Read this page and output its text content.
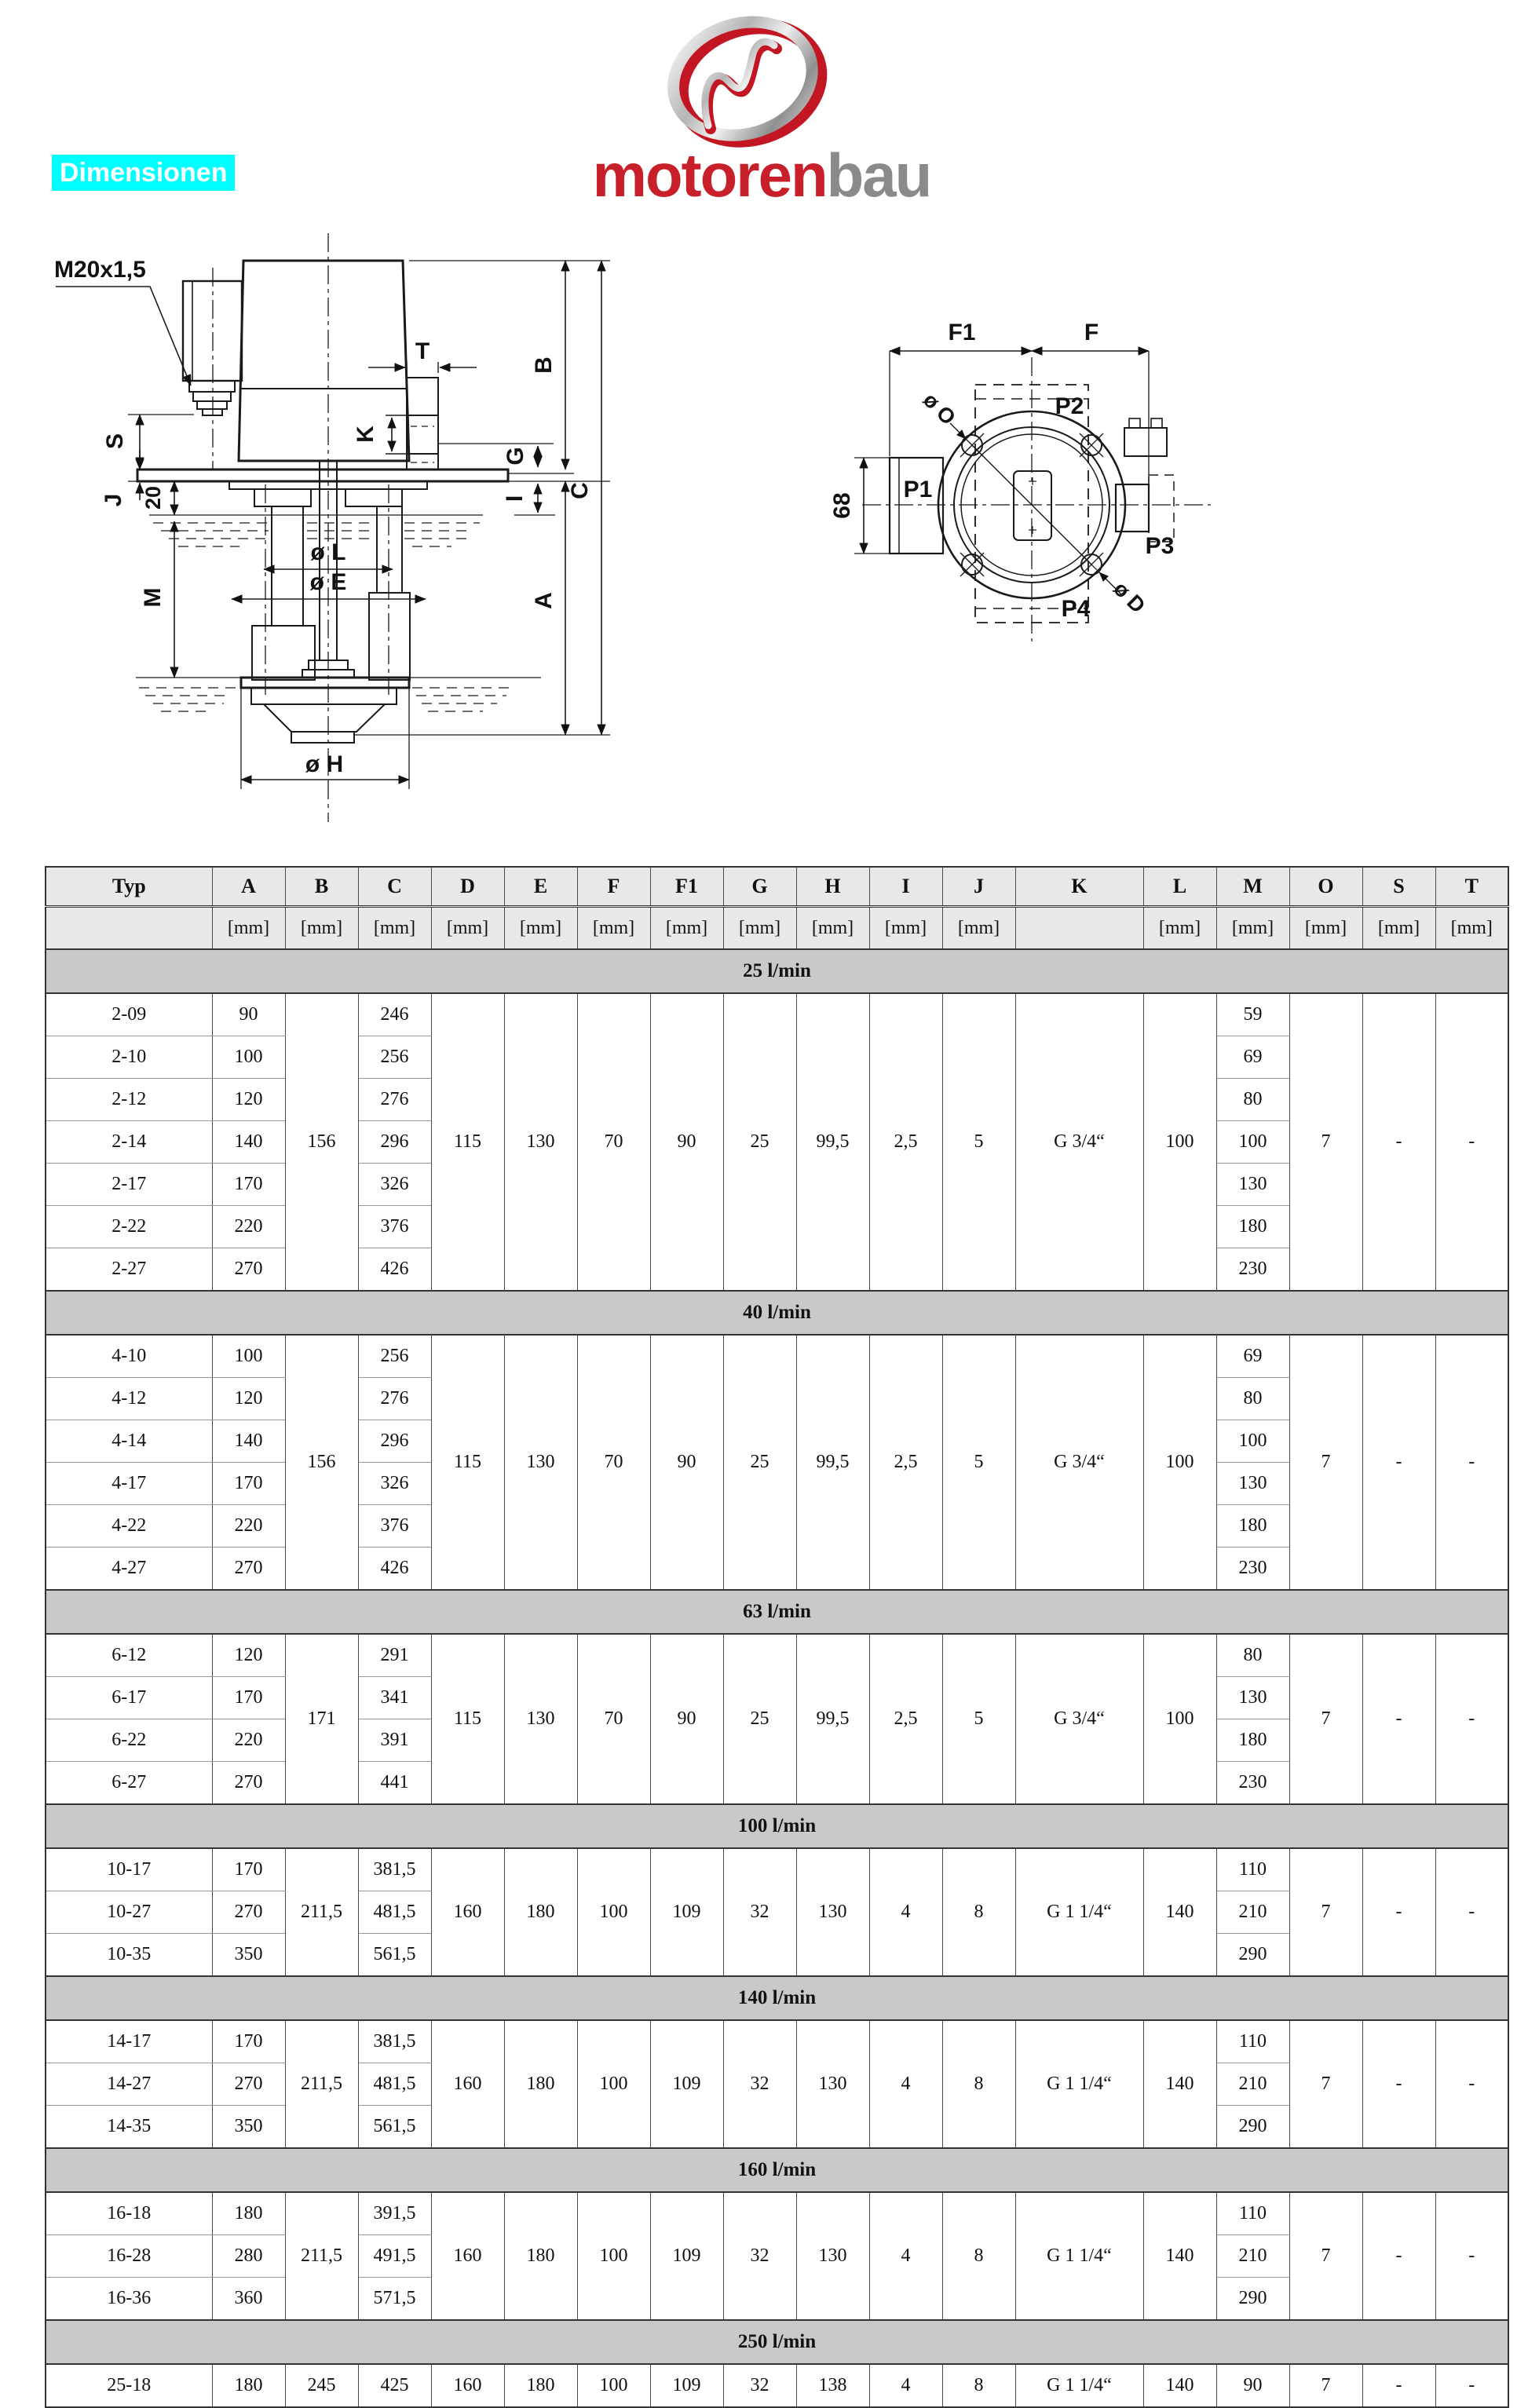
Dimensionen	motorenbau
M20x1,5
T
K
G
I
S
J 20
M
B
A
C
ø L
ø E
ø H
F1	F
P1
P2
P3
P4
68
ø O
ø D
Typ	A	B	C	D	E	F	F1	G	H	I	J	K	L	M	O	S	T
	[mm]	[mm]	[mm]	[mm]	[mm]	[mm]	[mm]	[mm]	[mm]	[mm]	[mm]		[mm]	[mm]	[mm]	[mm]	[mm]
25 l/min																	
2-09	90	156	246	115	130	70	90	25	99,5	2,5	5	G 3/4“	100	59	7	-	-
2-10	100		256											69			
2-12	120		276											80			
2-14	140		296											100			
2-17	170		326											130			
2-22	220		376											180			
2-27	270		426											230			
40 l/min																	
4-10	100	156	256	115	130	70	90	25	99,5	2,5	5	G 3/4“	100	69	7	-	-
4-12	120		276											80			
4-14	140		296											100			
4-17	170		326											130			
4-22	220		376											180			
4-27	270		426											230			
63 l/min																	
6-12	120	171	291	115	130	70	90	25	99,5	2,5	5	G 3/4“	100	80	7	-	-
6-17	170		341											130			
6-22	220		391											180			
6-27	270		441											230			
100 l/min																	
10-17	170	211,5	381,5	160	180	100	109	32	130	4	8	G 1 1/4“	140	110	7	-	-
10-27	270		481,5											210			
10-35	350		561,5											290			
140 l/min																	
14-17	170	211,5	381,5	160	180	100	109	32	130	4	8	G 1 1/4“	140	110	7	-	-
14-27	270		481,5											210			
14-35	350		561,5											290			
160 l/min																	
16-18	180	211,5	391,5	160	180	100	109	32	130	4	8	G 1 1/4“	140	110	7	-	-
16-28	280		491,5											210			
16-36	360		571,5											290			
250 l/min																	
25-18	180	245	425	160	180	100	109	32	138	4	8	G 1 1/4“	140	90	7	-	-
